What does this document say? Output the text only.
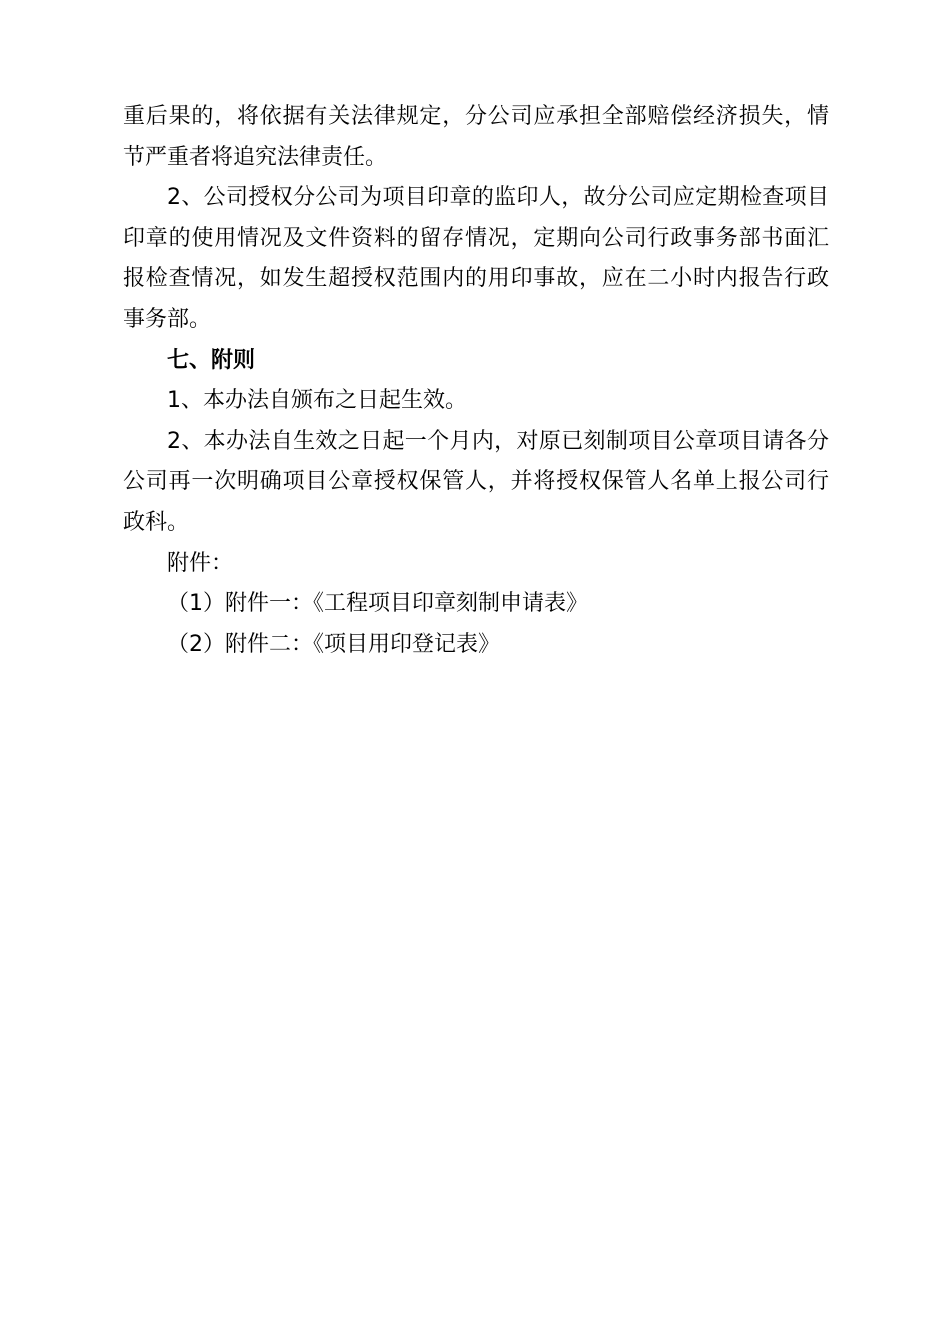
重后果的，将依据有关法律规定，分公司应承担全部赔偿经济损失，情
节严重者将追究法律责任。
2、公司授权分公司为项目印章的监印人，故分公司应定期检查项目
印章的使用情况及文件资料的留存情况，定期向公司行政事务部书面汇
报检查情况，如发生超授权范围内的用印事故，应在二小时内报告行政
事务部。
七、附则
1、本办法自颁布之日起生效。
2、本办法自生效之日起一个月内，对原已刻制项目公章项目请各分
公司再一次明确项目公章授权保管人，并将授权保管人名单上报公司行
政科。
附件：
（1）附件一：《工程项目印章刻制申请表》
（2）附件二：《项目用印登记表》
